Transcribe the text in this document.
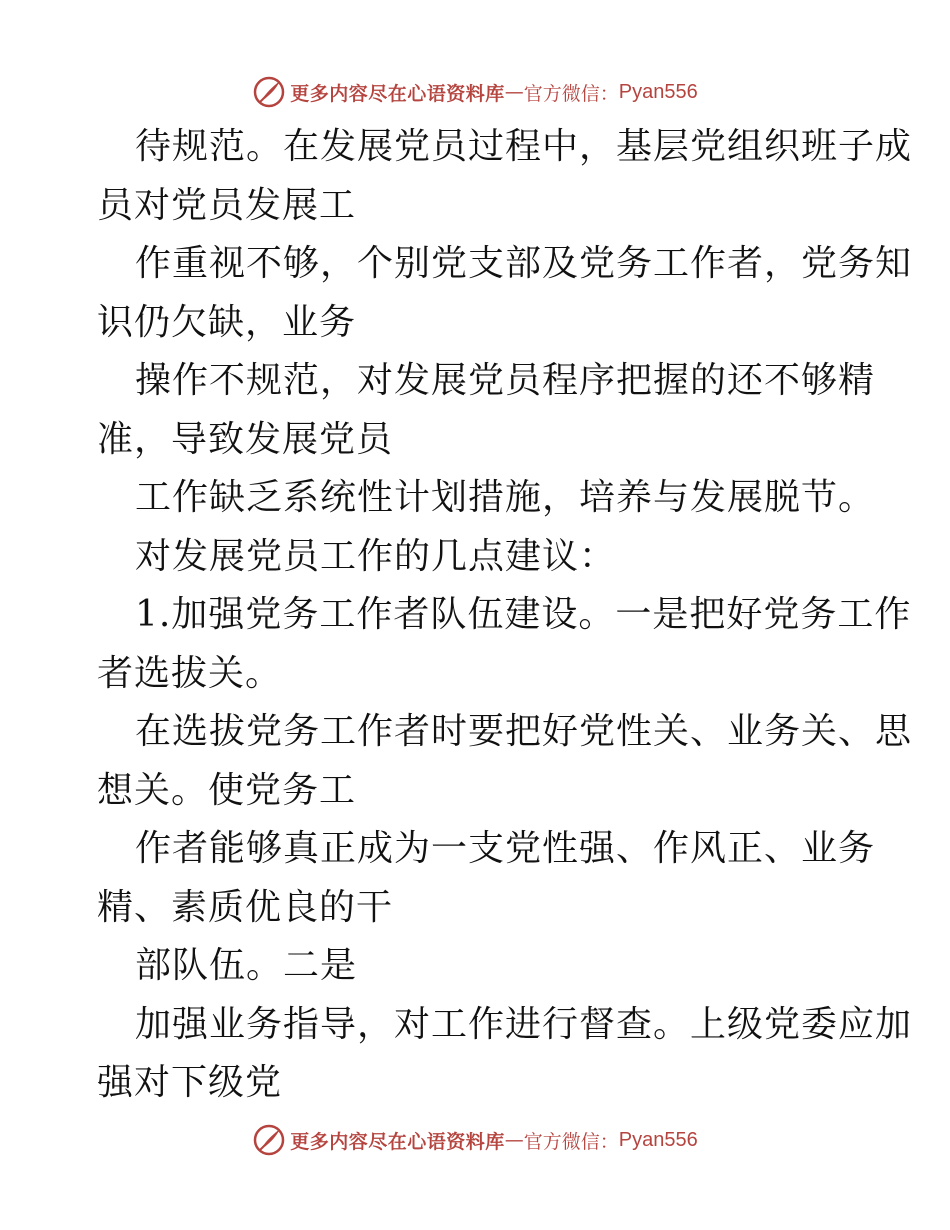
更多内容尽在心语资料库 — 官方微信： Pyan556
待规范。在发展党员过程中，基层党组织班子成
员对党员发展工
作重视不够，个别党支部及党务工作者，党务知
识仍欠缺，业务
操作不规范，对发展党员程序把握的还不够精
准，导致发展党员
工作缺乏系统性计划措施，培养与发展脱节。
对发展党员工作的几点建议：
1.加强党务工作者队伍建设。一是把好党务工作
者选拔关。
在选拔党务工作者时要把好党性关、业务关、思
想关。使党务工
作者能够真正成为一支党性强、作风正、业务
精、素质优良的干
部队伍。二是
加强业务指导，对工作进行督查。上级党委应加
强对下级党
更多内容尽在心语资料库 — 官方微信： Pyan556
